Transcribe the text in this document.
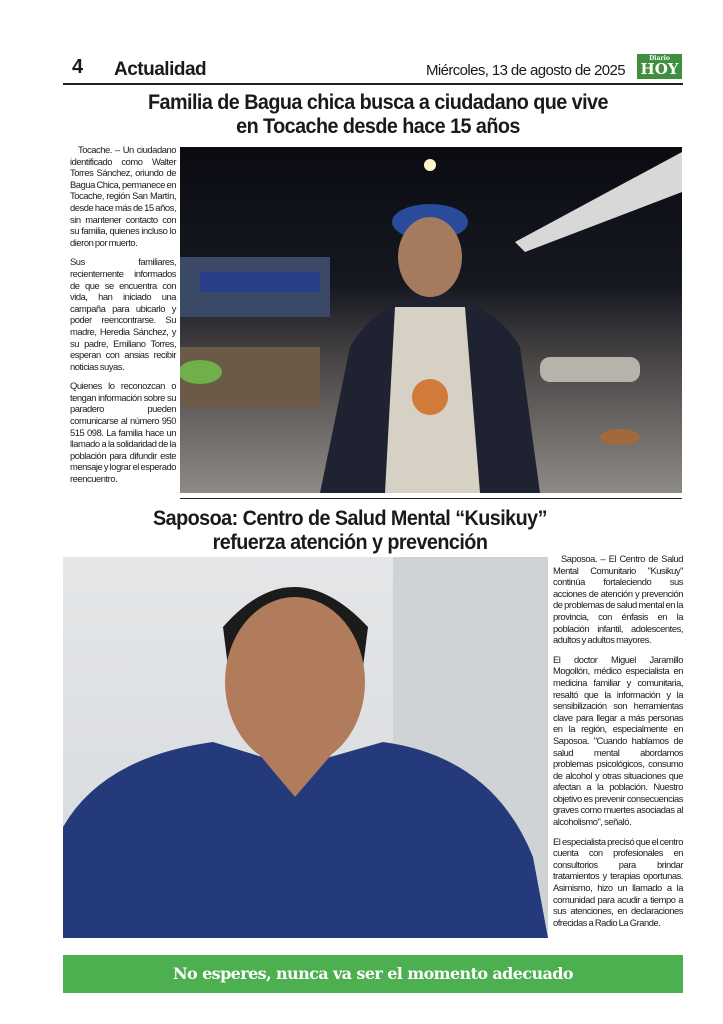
4 Actualidad	Miércoles, 13 de agosto de 2025
Diario
HOY
Familia de Bagua chica busca a ciudadano que vive
en Tocache desde hace 15 años

Tocache. – Un ciudadano identificado como Walter Torres Sánchez, oriundo de Bagua Chica, permanece en Tocache, región San Martín, desde hace más de 15 años, sin mantener contacto con su familia, quienes incluso lo dieron por muerto.

Sus familiares, recientemente informados de que se encuentra con vida, han iniciado una campaña para ubicarlo y poder reencontrarse. Su madre, Heredia Sánchez, y su padre, Emiliano Torres, esperan con ansias recibir noticias suyas.

Quienes lo reconozcan o tengan información sobre su paradero pueden comunicarse al número 950 515 098. La familia hace un llamado a la solidaridad de la población para difundir este mensaje y lograr el esperado reencuentro.

Saposoa: Centro de Salud Mental “Kusikuy”
refuerza atención y prevención

Saposoa. – El Centro de Salud Mental Comunitario "Kusikuy" continúa fortaleciendo sus acciones de atención y prevención de problemas de salud mental en la provincia, con énfasis en la población infantil, adolescentes, adultos y adultos mayores.

El doctor Miguel Jaramillo Mogollón, médico especialista en medicina familiar y comunitaria, resaltó que la información y la sensibilización son herramientas clave para llegar a más personas en la región, especialmente en Saposoa. "Cuando hablamos de salud mental abordamos problemas psicológicos, consumo de alcohol y otras situaciones que afectan a la población. Nuestro objetivo es prevenir consecuencias graves como muertes asociadas al alcoholismo", señaló.

El especialista precisó que el centro cuenta con profesionales en consultorios para brindar tratamientos y terapias oportunas. Asimismo, hizo un llamado a la comunidad para acudir a tiempo a sus atenciones, en declaraciones ofrecidas a Radio La Grande.

No esperes, nunca va ser el momento adecuado
